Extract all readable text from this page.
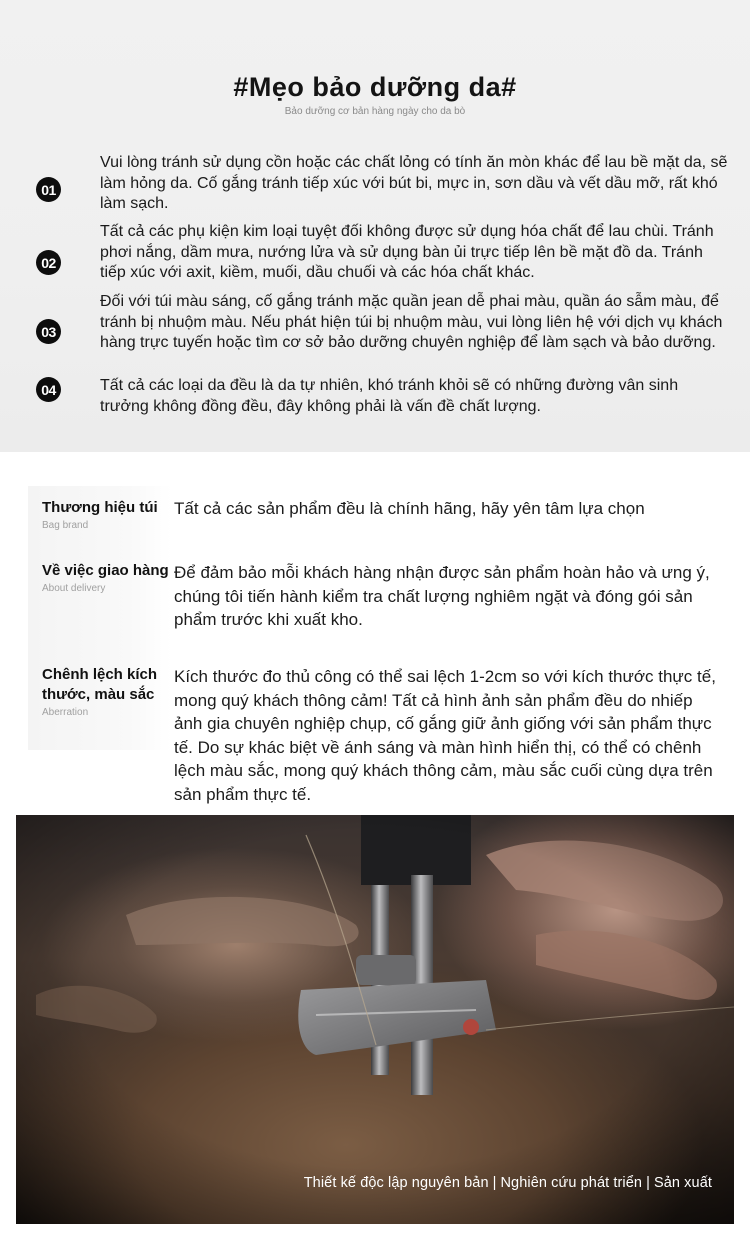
#Mẹo bảo dưỡng da#
Bảo dưỡng cơ bản hàng ngày cho da bò
01

Vui lòng tránh sử dụng cồn hoặc các chất lỏng có tính ăn mòn khác để lau bề mặt da, sẽ làm hỏng da. Cố gắng tránh tiếp xúc với bút bi, mực in, sơn dầu và vết dầu mỡ, rất khó làm sạch.

02

Tất cả các phụ kiện kim loại tuyệt đối không được sử dụng hóa chất để lau chùi. Tránh phơi nắng, dầm mưa, nướng lửa và sử dụng bàn ủi trực tiếp lên bề mặt đồ da. Tránh tiếp xúc với axit, kiềm, muối, dầu chuối và các hóa chất khác.

03

Đối với túi màu sáng, cố gắng tránh mặc quần jean dễ phai màu, quần áo sẫm màu, để tránh bị nhuộm màu. Nếu phát hiện túi bị nhuộm màu, vui lòng liên hệ với dịch vụ khách hàng trực tuyến hoặc tìm cơ sở bảo dưỡng chuyên nghiệp để làm sạch và bảo dưỡng.

04	Tất cả các loại da đều là da tự nhiên, khó tránh khỏi sẽ có những đường vân sinh trưởng không đồng đều, đây không phải là vấn đề chất lượng.

Thương hiệu túi
Bag brand

Tất cả các sản phẩm đều là chính hãng, hãy yên tâm lựa chọn

Về việc giao hàng
About delivery

Để đảm bảo mỗi khách hàng nhận được sản phẩm hoàn hảo và ưng ý, chúng tôi tiến hành kiểm tra chất lượng nghiêm ngặt và đóng gói sản phẩm trước khi xuất kho.

Chênh lệch kích thước, màu sắc
Aberration

Kích thước đo thủ công có thể sai lệch 1-2cm so với kích thước thực tế, mong quý khách thông cảm! Tất cả hình ảnh sản phẩm đều do nhiếp ảnh gia chuyên nghiệp chụp, cố gắng giữ ảnh giống với sản phẩm thực tế. Do sự khác biệt về ánh sáng và màn hình hiển thị, có thể có chênh lệch màu sắc, mong quý khách thông cảm, màu sắc cuối cùng dựa trên sản phẩm thực tế.

Thiết kế độc lập nguyên bản | Nghiên cứu phát triển | Sản xuất
